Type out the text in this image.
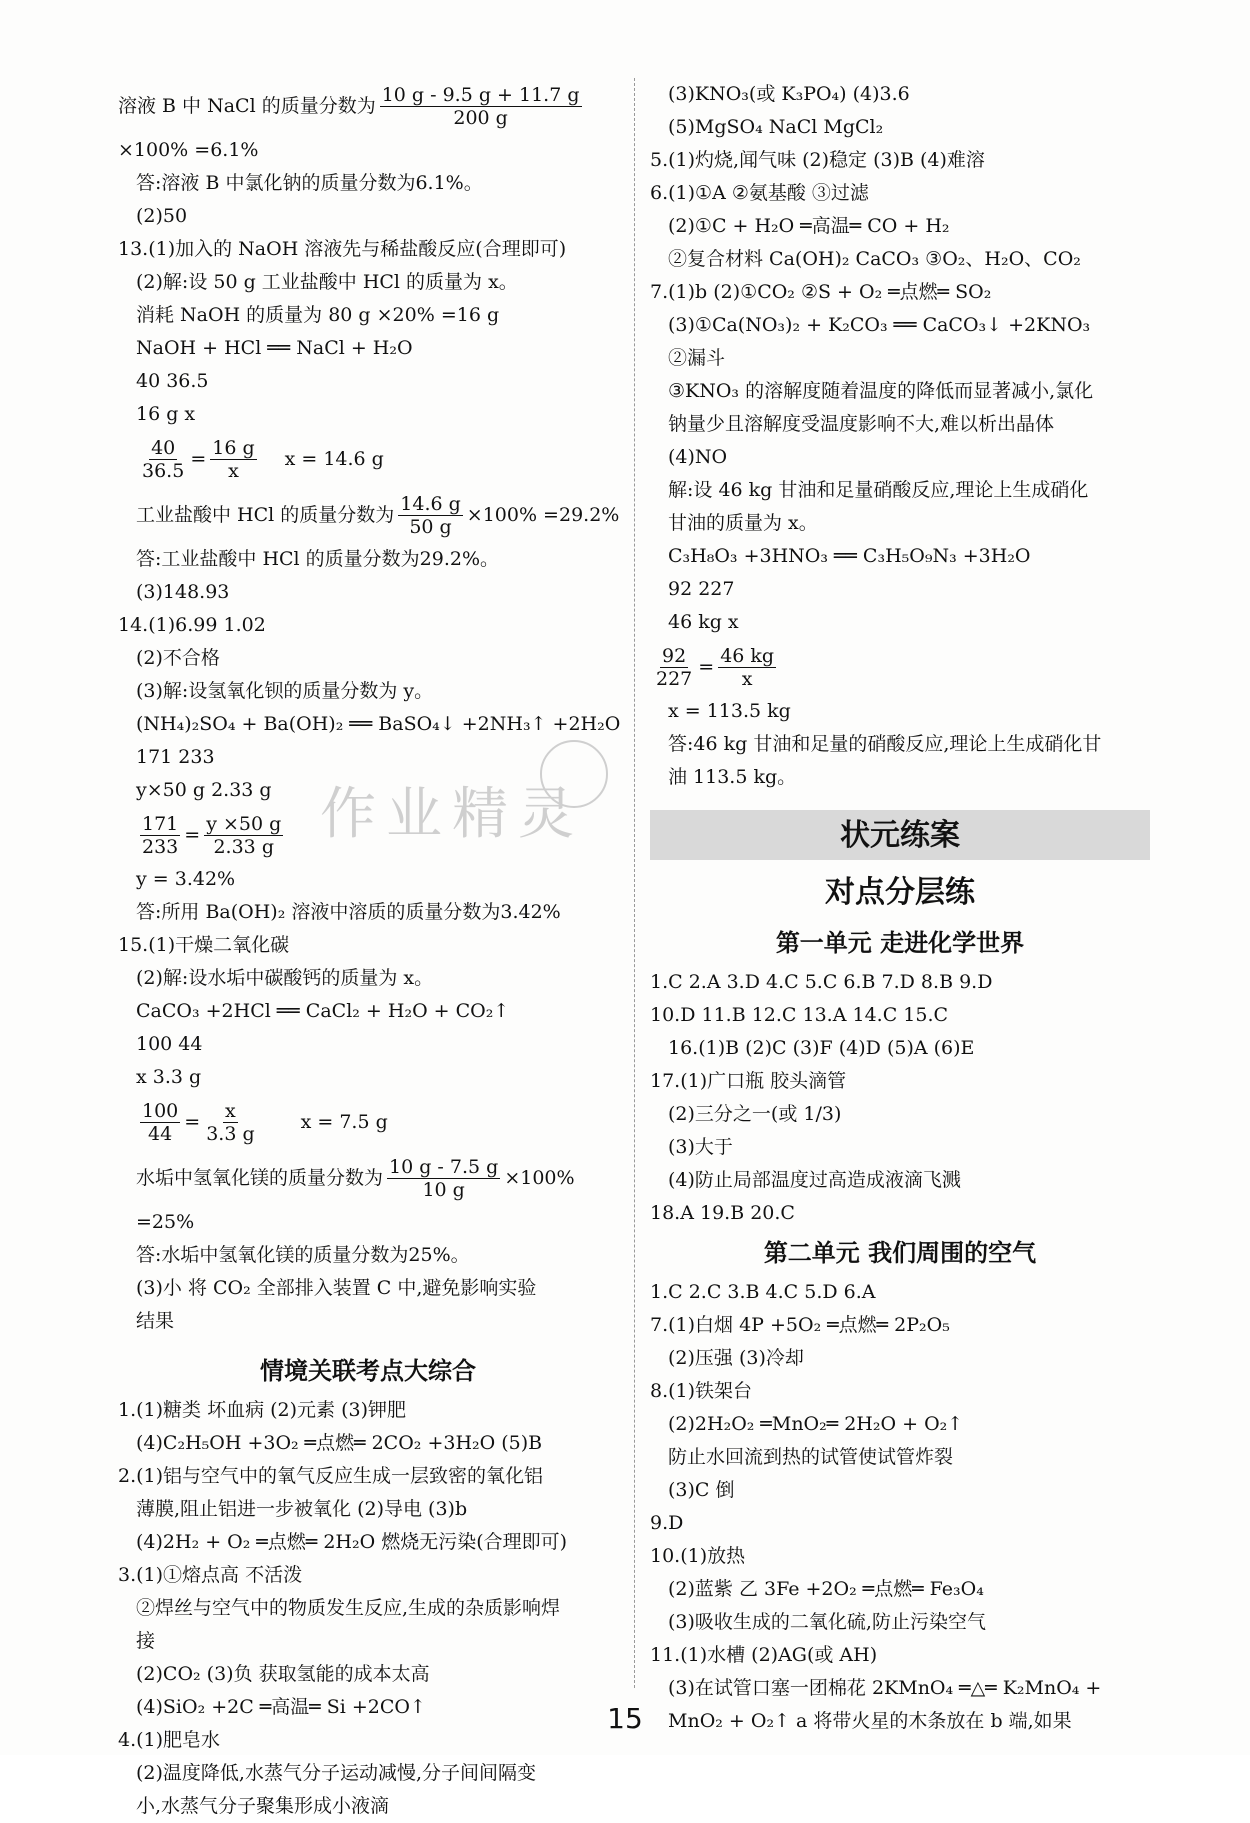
溶液 B 中 NaCl 的质量分数为 $\frac{10 g - 9.5 g + 11.7 g}{200 g}$
×100% =6.1%
答:溶液 B 中氯化钠的质量分数为6.1%。
(2)50
13.(1)加入的 NaOH 溶液先与稀盐酸反应(合理即可)
(2)解:设 50 g 工业盐酸中 HCl 的质量为 x。
消耗 NaOH 的质量为 80 g ×20% =16 g
NaOH + HCl ══ NaCl + H₂O
40 36.5
16 g x
$\frac{40}{36.5} = \frac{16 g}{x}$ x = 14.6 g
工业盐酸中 HCl 的质量分数为 $\frac{14.6 g}{50 g} \times 100\% =29.2\%$
答:工业盐酸中 HCl 的质量分数为29.2%。
(3)148.93
14.(1)6.99 1.02
(2)不合格
(3)解:设氢氧化钡的质量分数为 y。
(NH₄)₂SO₄ + Ba(OH)₂ ══ BaSO₄↓ +2NH₃↑ +2H₂O
171 233
y×50 g 2.33 g
$\frac{171}{233} = \frac{y \times 50 g}{2.33 g}$
y = 3.42%
答:所用 Ba(OH)₂ 溶液中溶质的质量分数为3.42%
15.(1)干燥二氧化碳
(2)解:设水垢中碳酸钙的质量为 x。
CaCO₃ +2HCl ══ CaCl₂ + H₂O + CO₂↑
100 44
x 3.3 g
$\frac{100}{44} = \frac{x}{3.3 g}$ x = 7.5 g
水垢中氢氧化镁的质量分数为 $\frac{10 g - 7.5 g}{10 g} \times 100\%$
=25%
答:水垢中氢氧化镁的质量分数为25%。
(3)小 将 CO₂ 全部排入装置 C 中,避免影响实验
结果
情境关联考点大综合
1.(1)糖类 坏血病 (2)元素 (3)钾肥
(4)C₂H₅OH +3O₂ ═点燃═ 2CO₂ +3H₂O (5)B
2.(1)铝与空气中的氧气反应生成一层致密的氧化铝
薄膜,阻止铝进一步被氧化 (2)导电 (3)b
(4)2H₂ + O₂ ═点燃═ 2H₂O 燃烧无污染(合理即可)
3.(1)①熔点高 不活泼
②焊丝与空气中的物质发生反应,生成的杂质影响焊
接
(2)CO₂ (3)负 获取氢能的成本太高
(4)SiO₂ +2C ═高温═ Si +2CO↑
4.(1)肥皂水
(2)温度降低,水蒸气分子运动减慢,分子间间隔变
小,水蒸气分子聚集形成小液滴
(3)KNO₃(或 K₃PO₄) (4)3.6
(5)MgSO₄ NaCl MgCl₂
5.(1)灼烧,闻气味 (2)稳定 (3)B (4)难溶
6.(1)①A ②氨基酸 ③过滤
(2)①C + H₂O ═高温═ CO + H₂
②复合材料 Ca(OH)₂ CaCO₃ ③O₂、H₂O、CO₂
7.(1)b (2)①CO₂ ②S + O₂ ═点燃═ SO₂
(3)①Ca(NO₃)₂ + K₂CO₃ ══ CaCO₃↓ +2KNO₃
②漏斗
③KNO₃ 的溶解度随着温度的降低而显著减小,氯化
钠量少且溶解度受温度影响不大,难以析出晶体
(4)NO
解:设 46 kg 甘油和足量硝酸反应,理论上生成硝化
甘油的质量为 x。
C₃H₈O₃ +3HNO₃ ══ C₃H₅O₉N₃ +3H₂O
92 227
46 kg x
$\frac{92}{227} = \frac{46 kg}{x}$
x = 113.5 kg
答:46 kg 甘油和足量的硝酸反应,理论上生成硝化甘
油 113.5 kg。
状元练案
对点分层练
第一单元 走进化学世界
1.C 2.A 3.D 4.C 5.C 6.B 7.D 8.B 9.D
10.D 11.B 12.C 13.A 14.C 15.C
16.(1)B (2)C (3)F (4)D (5)A (6)E
17.(1)广口瓶 胶头滴管
(2)三分之一(或 1/3)
(3)大于
(4)防止局部温度过高造成液滴飞溅
18.A 19.B 20.C
第二单元 我们周围的空气
1.C 2.C 3.B 4.C 5.D 6.A
7.(1)白烟 4P +5O₂ ═点燃═ 2P₂O₅
(2)压强 (3)冷却
8.(1)铁架台
(2)2H₂O₂ ═MnO₂═ 2H₂O + O₂↑
防止水回流到热的试管使试管炸裂
(3)C 倒
9.D
10.(1)放热
(2)蓝紫 乙 3Fe +2O₂ ═点燃═ Fe₃O₄
(3)吸收生成的二氧化硫,防止污染空气
11.(1)水槽 (2)AG(或 AH)
(3)在试管口塞一团棉花 2KMnO₄ ═△═ K₂MnO₄ +
MnO₂ + O₂↑ a 将带火星的木条放在 b 端,如果
作业精灵
15
